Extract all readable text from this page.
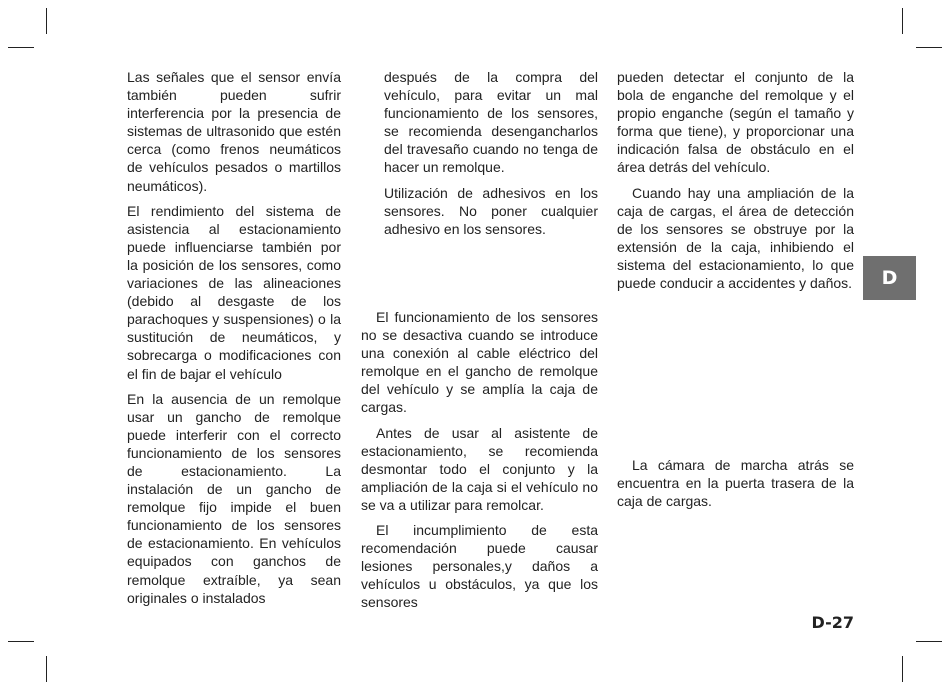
Las señales que el sensor envía también pueden sufrir interferencia por la presencia de sistemas de ultrasonido que estén cerca (como frenos neumáticos de vehículos pesados o martillos neumáticos).

El rendimiento del sistema de asistencia al estacionamiento puede influenciarse también por la posición de los sensores, como variaciones de las alineaciones (debido al desgaste de los parachoques y suspensiones) o la sustitución de neumáticos, y sobrecarga o modificaciones con el fin de bajar el vehículo

En la ausencia de un remolque usar un gancho de remolque puede interferir con el correcto funcionamiento de los sensores de estacionamiento. La instalación de un gancho de remolque fijo impide el buen funcionamiento de los sensores de estacionamiento. En vehículos equipados con ganchos de remolque extraíble, ya sean originales o instalados

después de la compra del vehículo, para evitar un mal funcionamiento de los sensores, se recomienda desengancharlos del travesaño cuando no tenga de hacer un remolque.

Utilización de adhesivos en los sensores. No poner cualquier adhesivo en los sensores.

El funcionamiento de los sensores no se desactiva cuando se introduce una conexión al cable eléctrico del remolque en el gancho de remolque del vehículo y se amplía la caja de cargas.

Antes de usar al asistente de estacionamiento, se recomienda desmontar todo el conjunto y la ampliación de la caja si el vehículo no se va a utilizar para remolcar.

El incumplimiento de esta recomendación puede causar lesiones personales,y daños a vehículos u obstáculos, ya que los sensores

pueden detectar el conjunto de la bola de enganche del remolque y el propio enganche (según el tamaño y forma que tiene), y proporcionar una indicación falsa de obstáculo en el área detrás del vehículo.

Cuando hay una ampliación de la caja de cargas, el área de detección de los sensores se obstruye por la extensión de la caja, inhibiendo el sistema del estacionamiento, lo que puede conducir a accidentes y daños.

La cámara de marcha atrás se encuentra en la puerta trasera de la caja de cargas.

D
D-27
